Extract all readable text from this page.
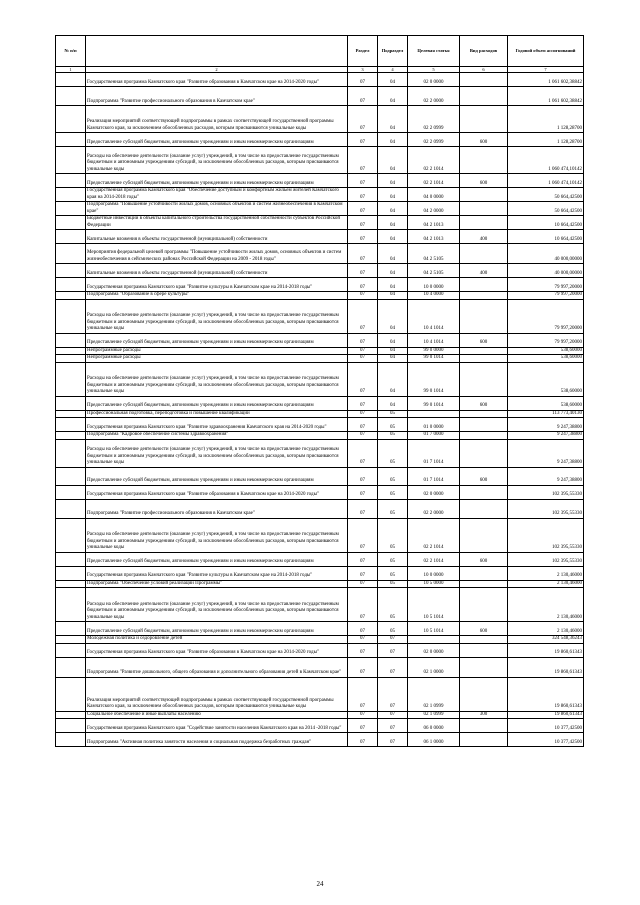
№ п/п		Раздел	Подраздел	Целевая статья	Вид расходов	Годовой объем ассигнований
1	2	3	4	5	6	7
	Государственная программа Камчатского края "Развитие образования в Камчатском крае на 2014-2020 годы"	07	04	02 0 0000		1 061 602,38842
	Подпрограмма "Развитие профессионального образования в Камчатском крае"	07	04	02 2 0000		1 061 602,38842
	Реализация мероприятий соответствующей подпрограммы в рамках соответствующей государственной программы Камчатского края, за исключением обособленных расходов, которым присваиваются уникальные коды	07	04	02 2 0999		1 128,28700
	Предоставление субсидий бюджетным, автономным учреждениям и иным некоммерческим организациям	07	04	02 2 0999	600	1 128,28700
	Расходы на обеспечение деятельности (оказание услуг) учреждений, в том числе на предоставление государственным бюджетным и автономным учреждениям субсидий, за исключением обособленных расходов, которым присваиваются уникальные коды	07	04	02 2 1014		1 060 474,10142
	Предоставление субсидий бюджетным, автономным учреждениям и иным некоммерческим организациям	07	04	02 2 1014	600	1 060 474,10142
	Государственная программа Камчатского края "Обеспечение доступным и комфортным жильем жителей Камчатского края на 2014-2018 годы"	07	04	04 0 0000		50 664,42500
	Подпрограмма "Повышение устойчивости жилых домов, основных объектов и систем жизнеобеспечения в Камчатском крае"	07	04	04 2 0000		50 664,42500
	Бюджетные инвестиции в объекты капитального строительства государственной собственности субъектов Российской Федерации	07	04	04 2 1013		10 664,42500
	Капитальные вложения в объекты государственной (муниципальной) собственности	07	04	04 2 1013	400	10 664,42500
	Мероприятия федеральной целевой программы "Повышение устойчивости жилых домов, основных объектов и систем жизнеобеспечения в сейсмических районах Российской Федерации на 2009 - 2018 годы"	07	04	04 2 5105		40 000,00000
	Капитальные вложения в объекты государственной (муниципальной) собственности	07	04	04 2 5105	400	40 000,00000
	Государственная программа Камчатского края "Развитие культуры в Камчатском крае на 2014-2018 годы"	07	04	10 0 0000		79 997,20000
	Подпрограмма "Образование в сфере культуры"	07	04	10 4 0000		79 997,20000
	Расходы на обеспечение деятельности (оказание услуг) учреждений, в том числе на предоставление государственным бюджетным и автономным учреждениям субсидий, за исключением обособленных расходов, которым присваиваются уникальные коды	07	04	10 4 1014		79 997,20000
	Предоставление субсидий бюджетным, автономным учреждениям и иным некоммерческим организациям	07	04	10 4 1014	600	79 997,20000
	Непрограммные расходы	07	04	99 0 0000		538,60000
	Непрограммные расходы	07	04	99 0 1014		538,60000
	Расходы на обеспечение деятельности (оказание услуг) учреждений, в том числе на предоставление государственным бюджетным и автономным учреждениям субсидий, за исключением обособленных расходов, которым присваиваются уникальные коды	07	04	99 0 1014		538,60000
	Предоставление субсидий бюджетным, автономным учреждениям и иным некоммерческим организациям	07	04	99 0 1014	600	538,60000
	Профессиональная подготовка, переподготовка и повышение квалификации	07	05			113 773,40130
	Государственная программа Камчатского края "Развитие здравоохранения Камчатского края на 2014-2020 годы"	07	05	01 0 0000		9 247,38800
	Подпрограмма "Кадровое обеспечение системы здравоохранения"	07	05	01 7 0000		9 247,38800
	Расходы на обеспечение деятельности (оказание услуг) учреждений, в том числе на предоставление государственным бюджетным и автономным учреждениям субсидий, за исключением обособленных расходов, которым присваиваются уникальные коды	07	05	01 7 1014		9 247,38800
	Предоставление субсидий бюджетным, автономным учреждениям и иным некоммерческим организациям	07	05	01 7 1014	600	9 247,38800
	Государственная программа Камчатского края "Развитие образования в Камчатском крае на 2014-2020 годы"	07	05	02 0 0000		102 395,55330
	Подпрограмма "Развитие профессионального образования в Камчатском крае"	07	05	02 2 0000		102 395,55330
	Расходы на обеспечение деятельности (оказание услуг) учреждений, в том числе на предоставление государственным бюджетным и автономным учреждениям субсидий, за исключением обособленных расходов, которым присваиваются уникальные коды	07	05	02 2 1014		102 395,55330
	Предоставление субсидий бюджетным, автономным учреждениям и иным некоммерческим организациям	07	05	02 2 1014	600	102 395,55330
	Государственная программа Камчатского края "Развитие культуры в Камчатском крае на 2014-2018 годы"	07	05	10 0 0000		2 130,46000
	Подпрограмма "Обеспечение условий реализации Программы"	07	05	10 5 0000		2 130,46000
	Расходы на обеспечение деятельности (оказание услуг) учреждений, в том числе на предоставление государственным бюджетным и автономным учреждениям субсидий, за исключением обособленных расходов, которым присваиваются уникальные коды	07	05	10 5 1014		2 130,46000
	Предоставление субсидий бюджетным, автономным учреждениям и иным некоммерческим организациям	07	05	10 5 1014	600	2 130,46000
	Молодежная политика и оздоровление детей	07	07			324 548,36243
	Государственная программа Камчатского края "Развитие образования в Камчатском крае на 2014-2020 годы"	07	07	02 0 0000		19 860,61343
	Подпрограмма "Развитие дошкольного, общего образования и дополнительного образования детей в Камчатском крае"	07	07	02 1 0000		19 860,61343
	Реализация мероприятий соответствующей подпрограммы в рамках соответствующей государственной программы Камчатского края, за исключением обособленных расходов, которым присваиваются уникальные коды	07	07	02 1 0999		19 860,61343
	Социальное обеспечение и иные выплаты населению	07	07	02 1 0999	300	19 860,61343
	Государственная программа Камчатского края "Содействие занятости населения Камчатского края на 2014 -2018 годы"	07	07	06 0 0000		10 377,42500
	Подпрограмма "Активная политика занятости населения и социальная поддержка безработных граждан"	07	07	06 1 0000		10 377,42500
24
